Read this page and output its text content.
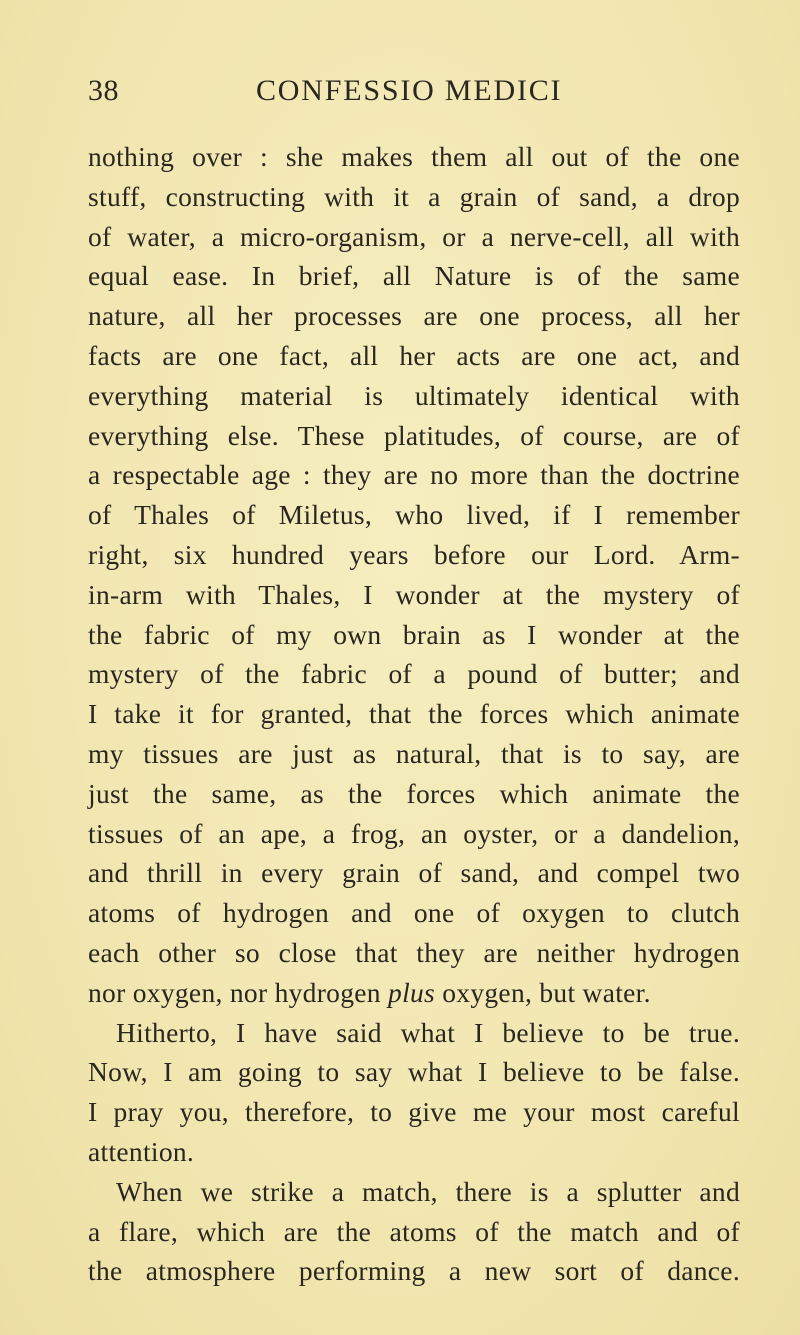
38	CONFESSIO MEDICI
nothing over : she makes them all out of the one
stuff, constructing with it a grain of sand, a drop
of water, a micro-organism, or a nerve-cell, all with
equal ease. In brief, all Nature is of the same
nature, all her processes are one process, all her
facts are one fact, all her acts are one act, and
everything material is ultimately identical with
everything else. These platitudes, of course, are of
a respectable age : they are no more than the doctrine
of Thales of Miletus, who lived, if I remember
right, six hundred years before our Lord. Arm-
in-arm with Thales, I wonder at the mystery of
the fabric of my own brain as I wonder at the
mystery of the fabric of a pound of butter; and
I take it for granted, that the forces which animate
my tissues are just as natural, that is to say, are
just the same, as the forces which animate the
tissues of an ape, a frog, an oyster, or a dandelion,
and thrill in every grain of sand, and compel two
atoms of hydrogen and one of oxygen to clutch
each other so close that they are neither hydrogen
nor oxygen, nor hydrogen plus oxygen, but water.
Hitherto, I have said what I believe to be true.
Now, I am going to say what I believe to be false.
I pray you, therefore, to give me your most careful
attention.
When we strike a match, there is a splutter and
a flare, which are the atoms of the match and of
the atmosphere performing a new sort of dance.
